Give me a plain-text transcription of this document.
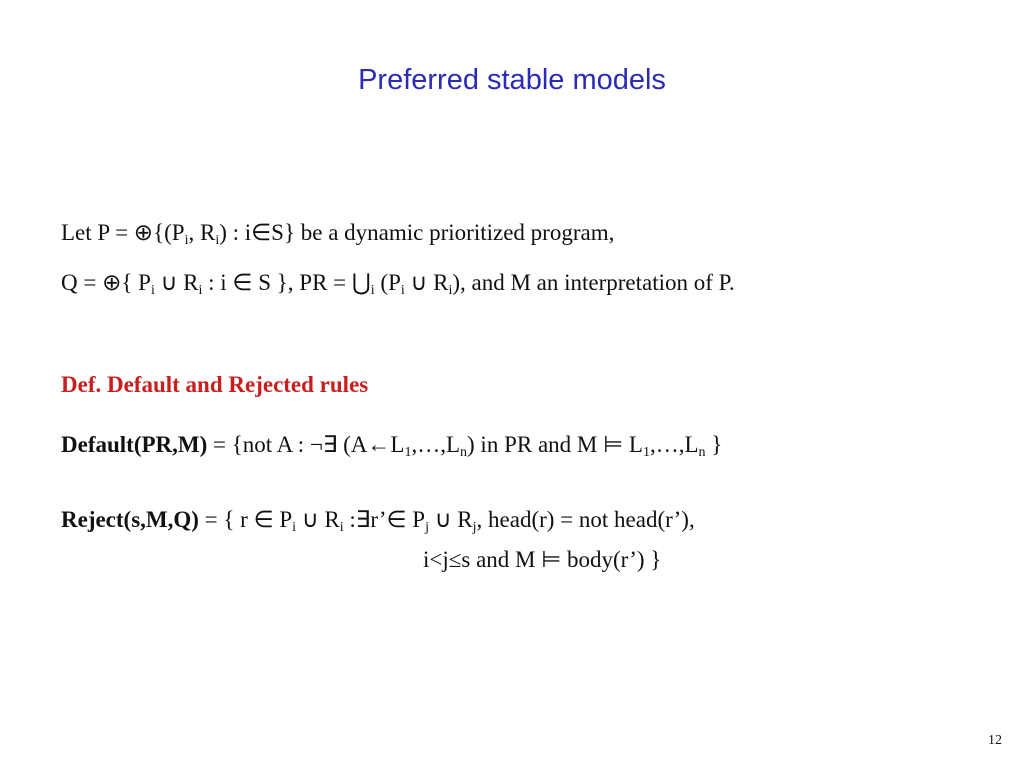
Preferred stable models
Let $P = \oplus\{(P_i$, $R_i$) : i∈S} be a dynamic prioritized program,
Q = ⊕{ $P_i$ ∪ $R_i$ : i ∈ S }, PR = $⋃_i$ ($P_i$ ∪ $R_i$), and M an interpretation of P.
Def. Default and Rejected rules
Default(PR,M) = {not A : ¬∃ $(A\leftarrow L_1,\dots,L_n)$ in PR and M ⊨ $L_1,\dots,L_n$ }
Reject(s,M,Q) = { r ∈ $P_i$ ∪ $R_i$ :∃r’∈ $P_j$ ∪ $R_j$, head(r) = not head(r’),
i<j≤s and M ⊨ body(r’) }
12
